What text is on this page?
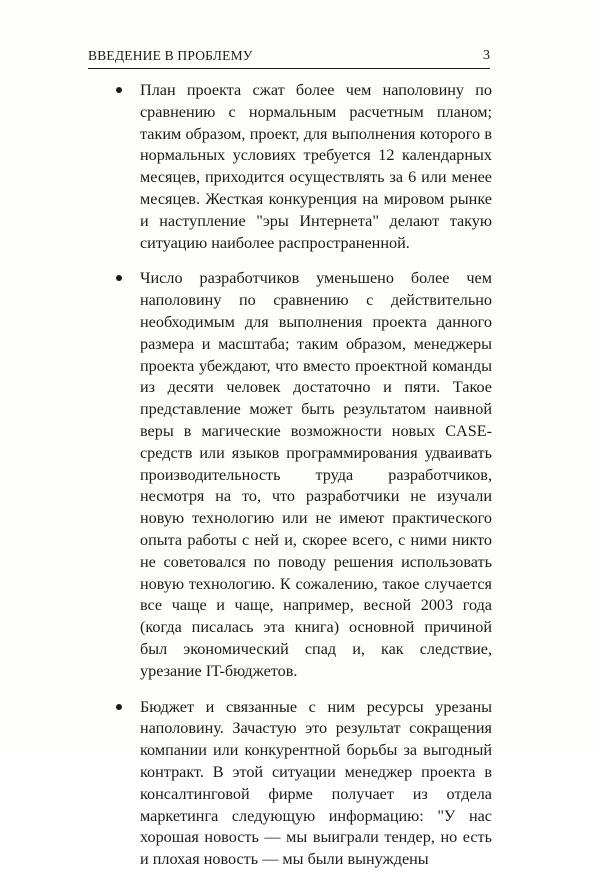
ВВЕДЕНИЕ В ПРОБЛЕМУ	3

План проекта сжат более чем наполовину по сравнению с нормальным расчетным планом; таким образом, проект, для выполнения которого в нормальных условиях требуется 12 календарных месяцев, приходится осуществлять за 6 или менее месяцев. Жесткая конкуренция на мировом рынке и наступление "эры Интернета" делают такую ситуацию наиболее распространенной.

Число разработчиков уменьшено более чем наполовину по сравнению с действительно необходимым для выполнения проекта данного размера и масштаба; таким образом, менеджеры проекта убеждают, что вместо проектной команды из десяти человек достаточно и пяти. Такое представление может быть результатом наивной веры в магические возможности новых CASE-средств или языков программирования удваивать производительность труда разработчиков, несмотря на то, что разработчики не изучали новую технологию или не имеют практического опыта работы с ней и, скорее всего, с ними никто не советовался по поводу решения использовать новую технологию. К сожалению, такое случается все чаще и чаще, например, весной 2003 года (когда писалась эта книга) основной причиной был экономический спад и, как следствие, урезание IT-бюджетов.

Бюджет и связанные с ним ресурсы урезаны наполовину. Зачастую это результат сокращения компании или конкурентной борьбы за выгодный контракт. В этой ситуации менеджер проекта в консалтинговой фирме получает из отдела маркетинга следующую информацию: "У нас хорошая новость — мы выиграли тендер, но есть и плохая новость — мы были вынуждены
